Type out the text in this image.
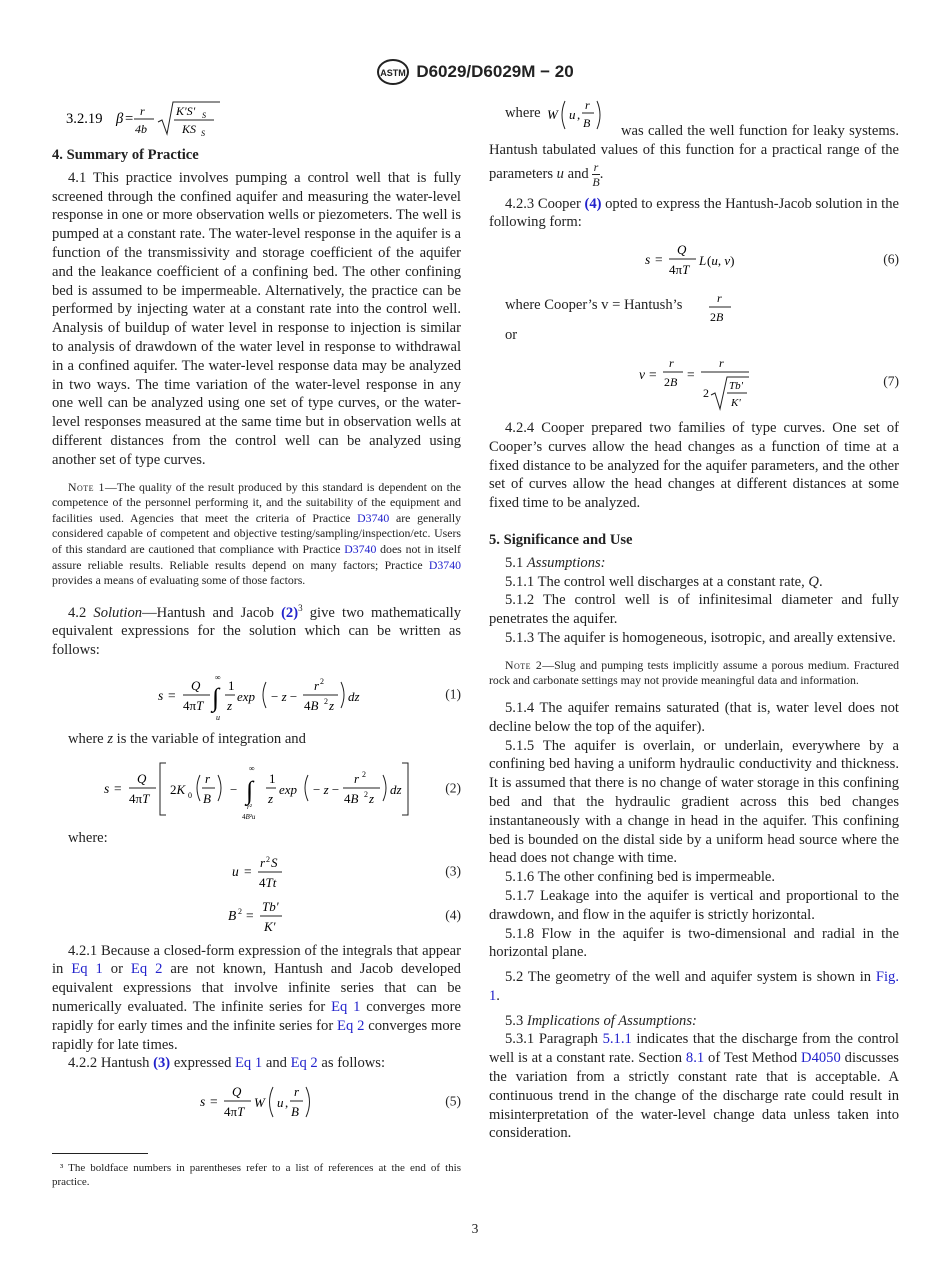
ASTM D6029/D6029M − 20
3.2.19 β = r
4b
K'S' S
KS S
4. Summary of Practice

4.1 This practice involves pumping a control well that is fully screened through the confined aquifer and measuring the water-level response in one or more observation wells or piezometers. The well is pumped at a constant rate. The water-level response in the aquifer is a function of the transmissivity and storage coefficient of the aquifer and the leakance coefficient of a confining bed. The other confining bed is assumed to be impermeable. Alternatively, the practice can be performed by injecting water at a constant rate into the control well. Analysis of buildup of water level in response to injection is similar to analysis of drawdown of the water level in response to withdrawal in a confined aquifer. The water-level response data may be analyzed in two ways. The time variation of the water-level response in any one well can be analyzed using one set of type curves, or the water-level responses measured at the same time but in observation wells at different distances from the control well can be analyzed using another set of type curves.

Note 1—The quality of the result produced by this standard is dependent on the competence of the personnel performing it, and the suitability of the equipment and facilities used. Agencies that meet the criteria of Practice D3740 are generally considered capable of competent and objective testing/sampling/inspection/etc. Users of this standard are cautioned that compliance with Practice D3740 does not in itself assure reliable results. Reliable results depend on many factors; Practice D3740 provides a means of evaluating some of those factors.

4.2 Solution—Hantush and Jacob $(2)^3$ give two mathematically equivalent expressions for the solution which can be written as follows:

s =
Q
4πT ∫
∞
u
1
z
exp − z −
r 2
4B 2 z
dz	(1)

where z is the variable of integration and

s =
Q
4πT
2K 0
r
B
− ∫
∞
r²
4B²u
1
z
exp − z −
r 2
4B 2 z
dz	(2)

where:

u =
r 2 S
4Tt
(3)
B 2 =
Tb'
K'
(4)

4.2.1 Because a closed-form expression of the integrals that appear in Eq 1 or Eq 2 are not known, Hantush and Jacob developed equivalent expressions that involve infinite series that can be numerically evaluated. The infinite series for Eq 1 converges more rapidly for early times and the infinite series for Eq 2 converges more rapidly for late times.

4.2.2 Hantush (3) expressed Eq 1 and Eq 2 as follows:

s =
Q
4πT
W u ,
r
B
(5)
³ The boldface numbers in parentheses refer to a list of references at the end of this practice.
where W u ,
r
B	was called the well function for leaky systems. Hantush tabulated values of this function for a practical range of the parameters u and $\frac{r}{B}$ .

4.2.3 Cooper (4) opted to express the Hantush-Jacob solution in the following form:

s =
Q
4πT
L (u, v)	(6)
where Cooper’s v = Hantush’s	r
2B

or

v =
r
2B =
r
2 Tb'
K'
(7)

4.2.4 Cooper prepared two families of type curves. One set of Cooper’s curves allow the head changes as a function of time at a fixed distance to be analyzed for the aquifer parameters, and the other set of curves allow the head changes at different distances at some fixed time to be analyzed.

5. Significance and Use

5.1 Assumptions:

5.1.1 The control well discharges at a constant rate, Q.

5.1.2 The control well is of infinitesimal diameter and fully penetrates the aquifer.

5.1.3 The aquifer is homogeneous, isotropic, and areally extensive.

Note 2—Slug and pumping tests implicitly assume a porous medium. Fractured rock and carbonate settings may not provide meaningful data and information.

5.1.4 The aquifer remains saturated (that is, water level does not decline below the top of the aquifer).

5.1.5 The aquifer is overlain, or underlain, everywhere by a confining bed having a uniform hydraulic conductivity and thickness. It is assumed that there is no change of water storage in this confining bed and that the hydraulic gradient across this bed changes instantaneously with a change in head in the aquifer. This confining bed is bounded on the distal side by a uniform head source where the head does not change with time.

5.1.6 The other confining bed is impermeable.

5.1.7 Leakage into the aquifer is vertical and proportional to the drawdown, and flow in the aquifer is strictly horizontal.

5.1.8 Flow in the aquifer is two-dimensional and radial in the horizontal plane.

5.2 The geometry of the well and aquifer system is shown in Fig. 1.

5.3 Implications of Assumptions:

5.3.1 Paragraph 5.1.1 indicates that the discharge from the control well is at a constant rate. Section 8.1 of Test Method D4050 discusses the variation from a strictly constant rate that is acceptable. A continuous trend in the change of the discharge rate could result in misinterpretation of the water-level change data unless taken into consideration.

3
